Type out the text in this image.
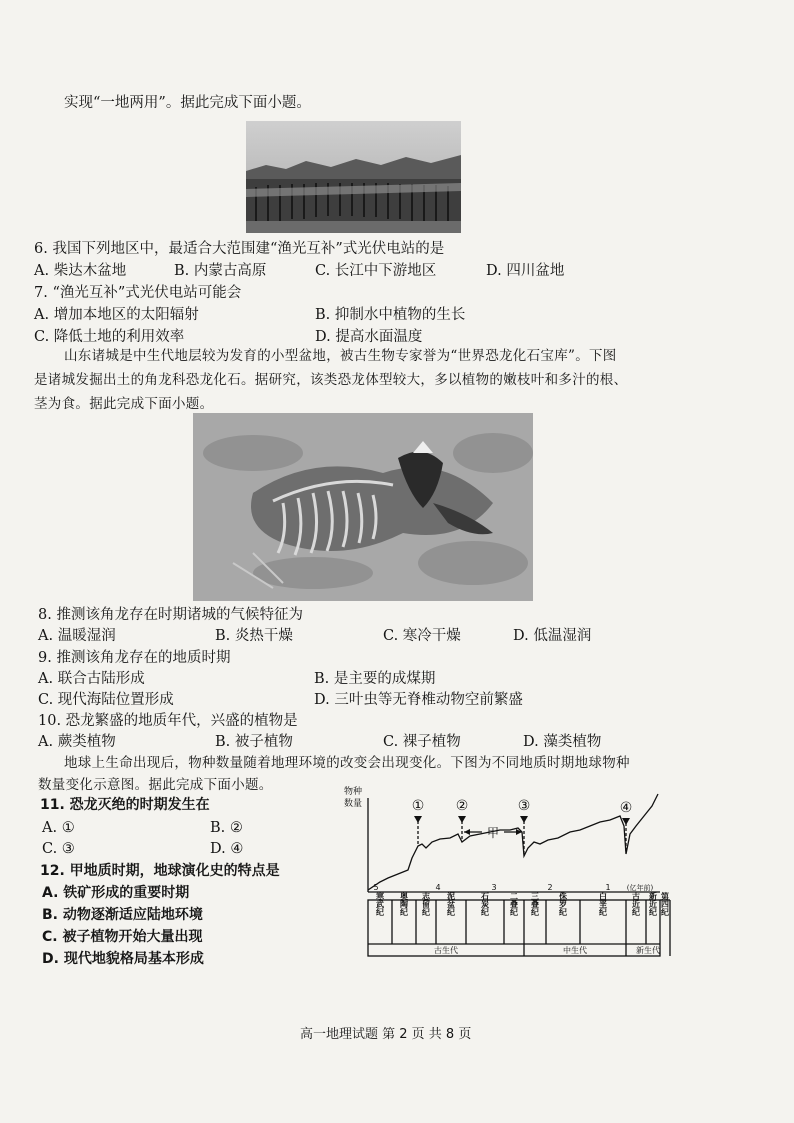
实现“一地两用”。据此完成下面小题。
6. 我国下列地区中，最适合大范围建“渔光互补”式光伏电站的是
A. 柴达木盆地	B. 内蒙古高原	C. 长江中下游地区	D. 四川盆地
7. “渔光互补”式光伏电站可能会
A. 增加本地区的太阳辐射	B. 抑制水中植物的生长
C. 降低土地的利用效率	D. 提高水面温度
山东诸城是中生代地层较为发育的小型盆地，被古生物专家誉为“世界恐龙化石宝库”。下图
是诸城发掘出土的角龙科恐龙化石。据研究，该类恐龙体型较大，多以植物的嫩枝叶和多汁的根、
茎为食。据此完成下面小题。
8. 推测该角龙存在时期诸城的气候特征为
A. 温暖湿润	B. 炎热干燥	C. 寒冷干燥	D. 低温湿润
9. 推测该角龙存在的地质时期
A. 联合古陆形成	B. 是主要的成煤期
C. 现代海陆位置形成	D. 三叶虫等无脊椎动物空前繁盛
10. 恐龙繁盛的地质年代，兴盛的植物是
A. 蕨类植物	B. 被子植物	C. 裸子植物	D. 藻类植物
地球上生命出现后，物种数量随着地理环境的改变会出现变化。下图为不同地质时期地球物种
数量变化示意图。据此完成下面小题。
11. 恐龙灭绝的时期发生在
A. ①	B. ②
C. ③	D. ④
12. 甲地质时期，地球演化史的特点是
A. 铁矿形成的重要时期
B. 动物逐渐适应陆地环境
C. 被子植物开始大量出现
D. 现代地貌格局基本形成
物种
数量	① ②	③	④
甲
5	4	3	2	1 (亿年前)
寒武纪 奥陶纪 志留纪 泥盆纪	石炭纪	二叠纪 三叠纪 侏罗纪	白垩纪	古近纪 新近纪 第四纪
古生代	中生代	新生代
高一地理试题 第 2 页 共 8 页
